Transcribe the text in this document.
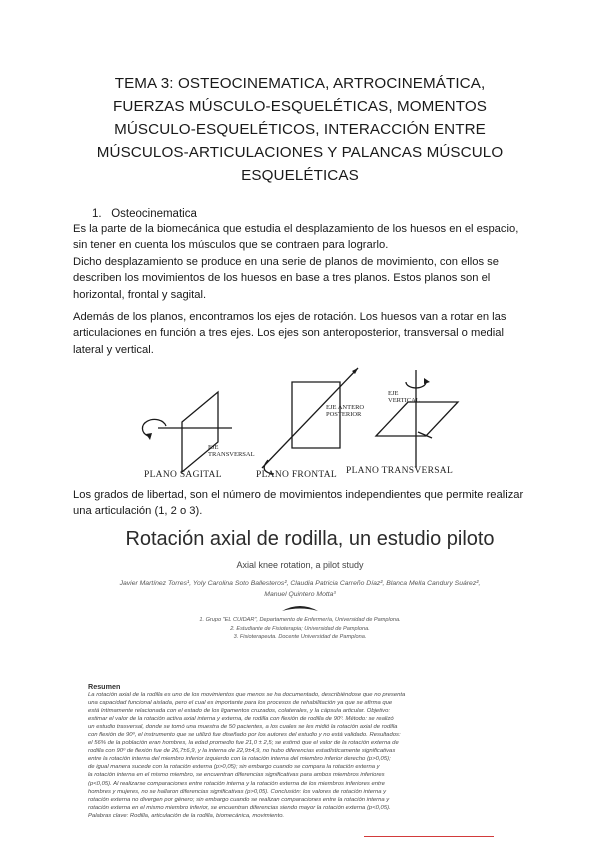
TEMA 3: OSTEOCINEMATICA, ARTROCINEMÁTICA,
FUERZAS MÚSCULO-ESQUELÉTICAS, MOMENTOS
MÚSCULO-ESQUELÉTICOS, INTERACCIÓN ENTRE
MÚSCULOS-ARTICULACIONES Y PALANCAS MÚSCULO
ESQUELÉTICAS
1. Osteocinematica
Es la parte de la biomecánica que estudia el desplazamiento de los huesos en el espacio,
sin tener en cuenta los músculos que se contraen para lograrlo.
Dicho desplazamiento se produce en una serie de planos de movimiento, con ellos se
describen los movimientos de los huesos en base a tres planos. Estos planos son el
horizontal, frontal y sagital.
Además de los planos, encontramos los ejes de rotación. Los huesos van a rotar en las
articulaciones en función a tres ejes. Los ejes son anteroposterior, transversal o medial
lateral y vertical.
EJE
TRANSVERSAL
EJE ANTERO
POSTERIOR
EJE
VERTICAL
PLANO SAGITAL	PLANO FRONTAL PLANO TRANSVERSAL
Los grados de libertad, son el número de movimientos independientes que permite realizar
una articulación (1, 2 o 3).
Rotación axial de rodilla, un estudio piloto
Axial knee rotation, a pilot study
Javier Martínez Torres¹, Yoly Carolina Soto Ballesteros², Claudia Patricia Carreño Díaz², Blanca Mella Candury Suárez²,
Manuel Quintero Motta³
1. Grupo "EL CUIDAR", Departamento de Enfermería, Universidad de Pamplona.
2. Estudiante de Fisioterapia; Universidad de Pamplona.
3. Fisioterapeuta. Docente Universidad de Pamplona.
Resumen
La rotación axial de la rodilla es uno de los movimientos que menos se ha documentado, describiéndose que no presenta
una capacidad funcional aislada, pero el cual es importante para los procesos de rehabilitación ya que se afirma que
está íntimamente relacionada con el estado de los ligamentos cruzados, colaterales, y la cápsula articular. Objetivo:
estimar el valor de la rotación activa axial interna y externa, de rodilla con flexión de rodilla de 90º. Método: se realizó
un estudio trasversal, donde se tomó una muestra de 50 pacientes, a los cuales se les midió la rotación axial de rodilla
con flexión de 90º, el instrumento que se utilizó fue diseñado por los autores del estudio y no está validado. Resultados:
el 56% de la población eran hombres, la edad promedio fue 21,0 ± 2,5; se estimó que el valor de la rotación externa de
rodilla con 90º de flexión fue de 26,7±6,9, y la interna de 22,9±4,9, no hubo diferencias estadísticamente significativas
entre la rotación interna del miembro inferior izquierdo con la rotación interna del miembro inferior derecho (p>0,05);
de igual manera sucede con la rotación externa (p>0,05); sin embargo cuando se compara la rotación externa y
la rotación interna en el mismo miembro, se encuentran diferencias significativas para ambos miembros inferiores
(p<0,05). Al realizarse comparaciones entre rotación interna y la rotación externa de los miembros inferiores entre
hombres y mujeres, no se hallaron diferencias significativas (p>0,05). Conclusión: los valores de rotación interna y
rotación externa no divergen por género; sin embargo cuando se realizan comparaciones entre la rotación interna y
rotación externa en el mismo miembro inferior, se encuentran diferencias siendo mayor la rotación externa (p<0,05).
Palabras clave: Rodilla, articulación de la rodilla, biomecánica, movimiento.
